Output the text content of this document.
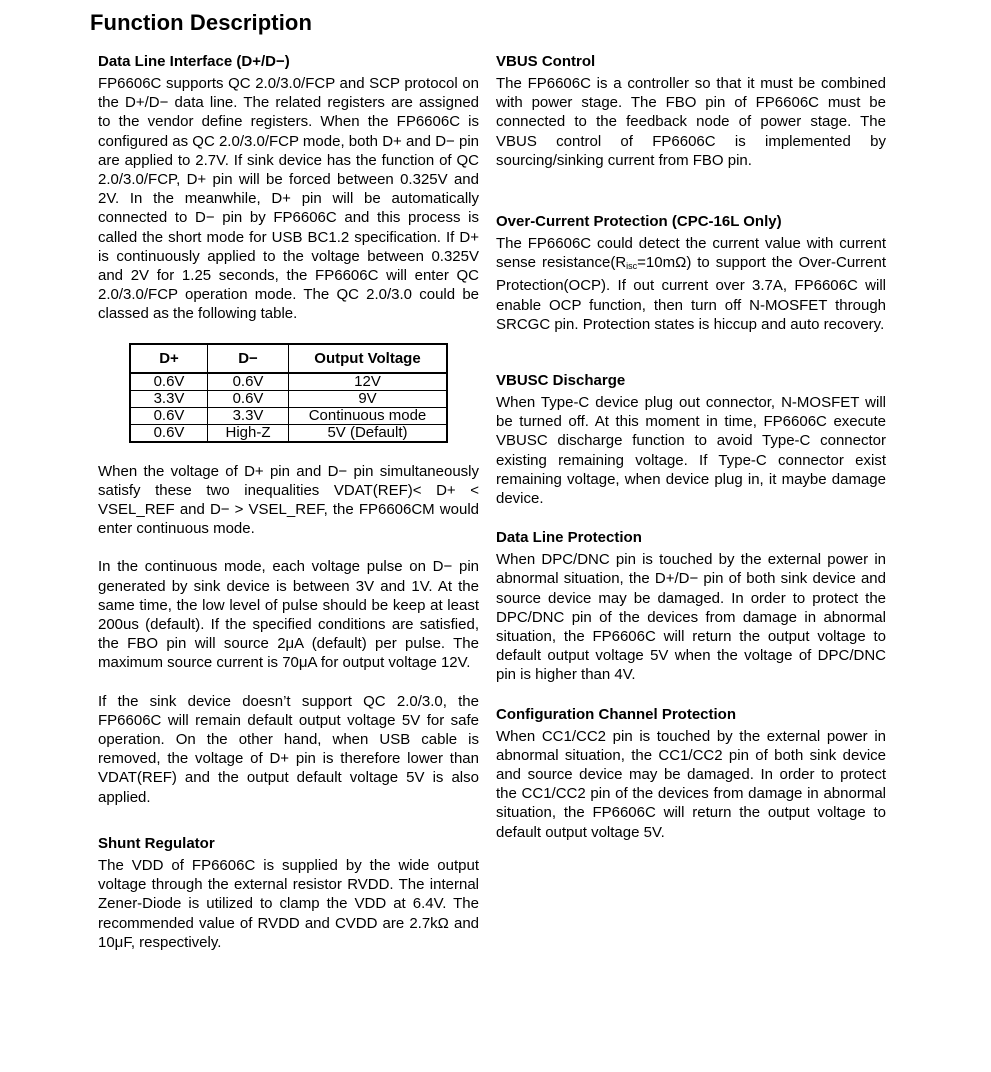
Function Description
Data Line Interface (D+/D−)

FP6606C supports QC 2.0/3.0/FCP and SCP protocol on the D+/D− data line. The related registers are assigned to the vendor define registers. When the FP6606C is configured as QC 2.0/3.0/FCP mode, both D+ and D− pin are applied to 2.7V. If sink device has the function of QC 2.0/3.0/FCP, D+ pin will be forced between 0.325V and 2V. In the meanwhile, D+ pin will be automatically connected to D− pin by FP6606C and this process is called the short mode for USB BC1.2 specification. If D+ is continuously applied to the voltage between 0.325V and 2V for 1.25 seconds, the FP6606C will enter QC 2.0/3.0/FCP operation mode. The QC 2.0/3.0 could be classed as the following table.

D+	D−	Output Voltage
0.6V	0.6V	12V
3.3V	0.6V	9V
0.6V	3.3V	Continuous mode
0.6V	High-Z	5V (Default)

When the voltage of D+ pin and D− pin simultaneously satisfy these two inequalities VDAT(REF)< D+ < VSEL_REF and D− > VSEL_REF, the FP6606CM would enter continuous mode.

In the continuous mode, each voltage pulse on D− pin generated by sink device is between 3V and 1V. At the same time, the low level of pulse should be keep at least 200us (default). If the specified conditions are satisfied, the FBO pin will source 2μA (default) per pulse. The maximum source current is 70μA for output voltage 12V.

If the sink device doesn’t support QC 2.0/3.0, the FP6606C will remain default output voltage 5V for safe operation. On the other hand, when USB cable is removed, the voltage of D+ pin is therefore lower than VDAT(REF) and the output default voltage 5V is also applied.

Shunt Regulator

The VDD of FP6606C is supplied by the wide output voltage through the external resistor RVDD. The internal Zener-Diode is utilized to clamp the VDD at 6.4V. The recommended value of RVDD and CVDD are 2.7kΩ and 10μF, respectively.

VBUS Control

The FP6606C is a controller so that it must be combined with power stage. The FBO pin of FP6606C must be connected to the feedback node of power stage. The VBUS control of FP6606C is implemented by sourcing/sinking current from FBO pin.

Over-Current Protection (CPC-16L Only)

The FP6606C could detect the current value with current sense $resistance(R_{isc}=10m\Omega)$ to support the Over-Current Protection(OCP). If out current over 3.7A, FP6606C will enable OCP function, then turn off N-MOSFET through SRCGC pin. Protection states is hiccup and auto recovery.

VBUSC Discharge

When Type-C device plug out connector, N-MOSFET will be turned off. At this moment in time, FP6606C execute VBUSC discharge function to avoid Type-C connector existing remaining voltage. If Type-C connector exist remaining voltage, when device plug in, it maybe damage device.

Data Line Protection

When DPC/DNC pin is touched by the external power in abnormal situation, the D+/D− pin of both sink device and source device may be damaged. In order to protect the DPC/DNC pin of the devices from damage in abnormal situation, the FP6606C will return the output voltage to default output voltage 5V when the voltage of DPC/DNC pin is higher than 4V.

Configuration Channel Protection

When CC1/CC2 pin is touched by the external power in abnormal situation, the CC1/CC2 pin of both sink device and source device may be damaged. In order to protect the CC1/CC2 pin of the devices from damage in abnormal situation, the FP6606C will return the output voltage to default output voltage 5V.
